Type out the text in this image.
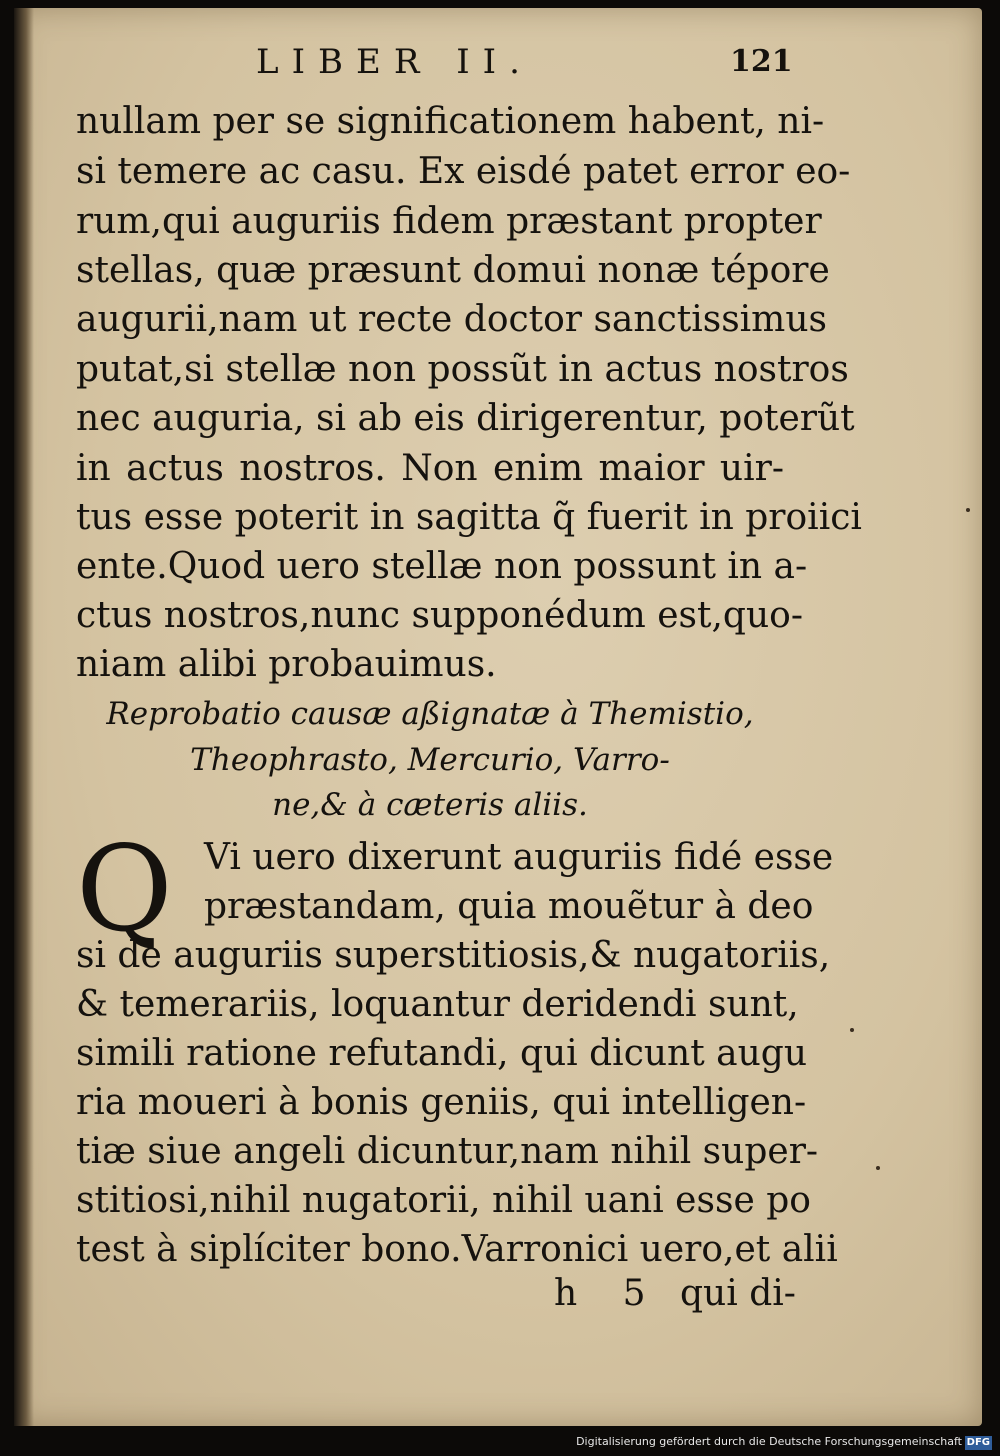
LIBER II.	121
nullam per se significationem habent, ni-
si temere ac casu. Ex eisdé patet error eo-
rum,qui auguriis fidem præstant propter
stellas, quæ præsunt domui nonæ tépore
augurii,nam ut recte doctor sanctissimus
putat,si stellæ non possũt in actus nostros
nec auguria, si ab eis dirigerentur, poterũt
in actus nostros. Non enim maior uir-
tus esse poterit in sagitta q̃ fuerit in proiici
ente.Quod uero stellæ non possunt in a-
ctus nostros,nunc supponédum est,quo-
niam alibi probauimus.
Reprobatio causæ aßignatæ à Themistio,
Theophrasto, Mercurio, Varro-
ne,& à cæteris aliis.
Q Vi uero dixerunt auguriis fidé esse
præstandam, quia mouẽtur à deo
si de auguriis superstitiosis,& nugatoriis,
& temerariis, loquantur deridendi sunt,
simili ratione refutandi, qui dicunt augu
ria moueri à bonis geniis, qui intelligen-
tiæ siue angeli dicuntur,nam nihil super-
stitiosi,nihil nugatorii, nihil uani esse po
test à siplíciter bono.Varronici uero,et alii
h 5 qui di-
Digitalisierung gefördert durch die Deutsche Forschungsgemeinschaft DFG
